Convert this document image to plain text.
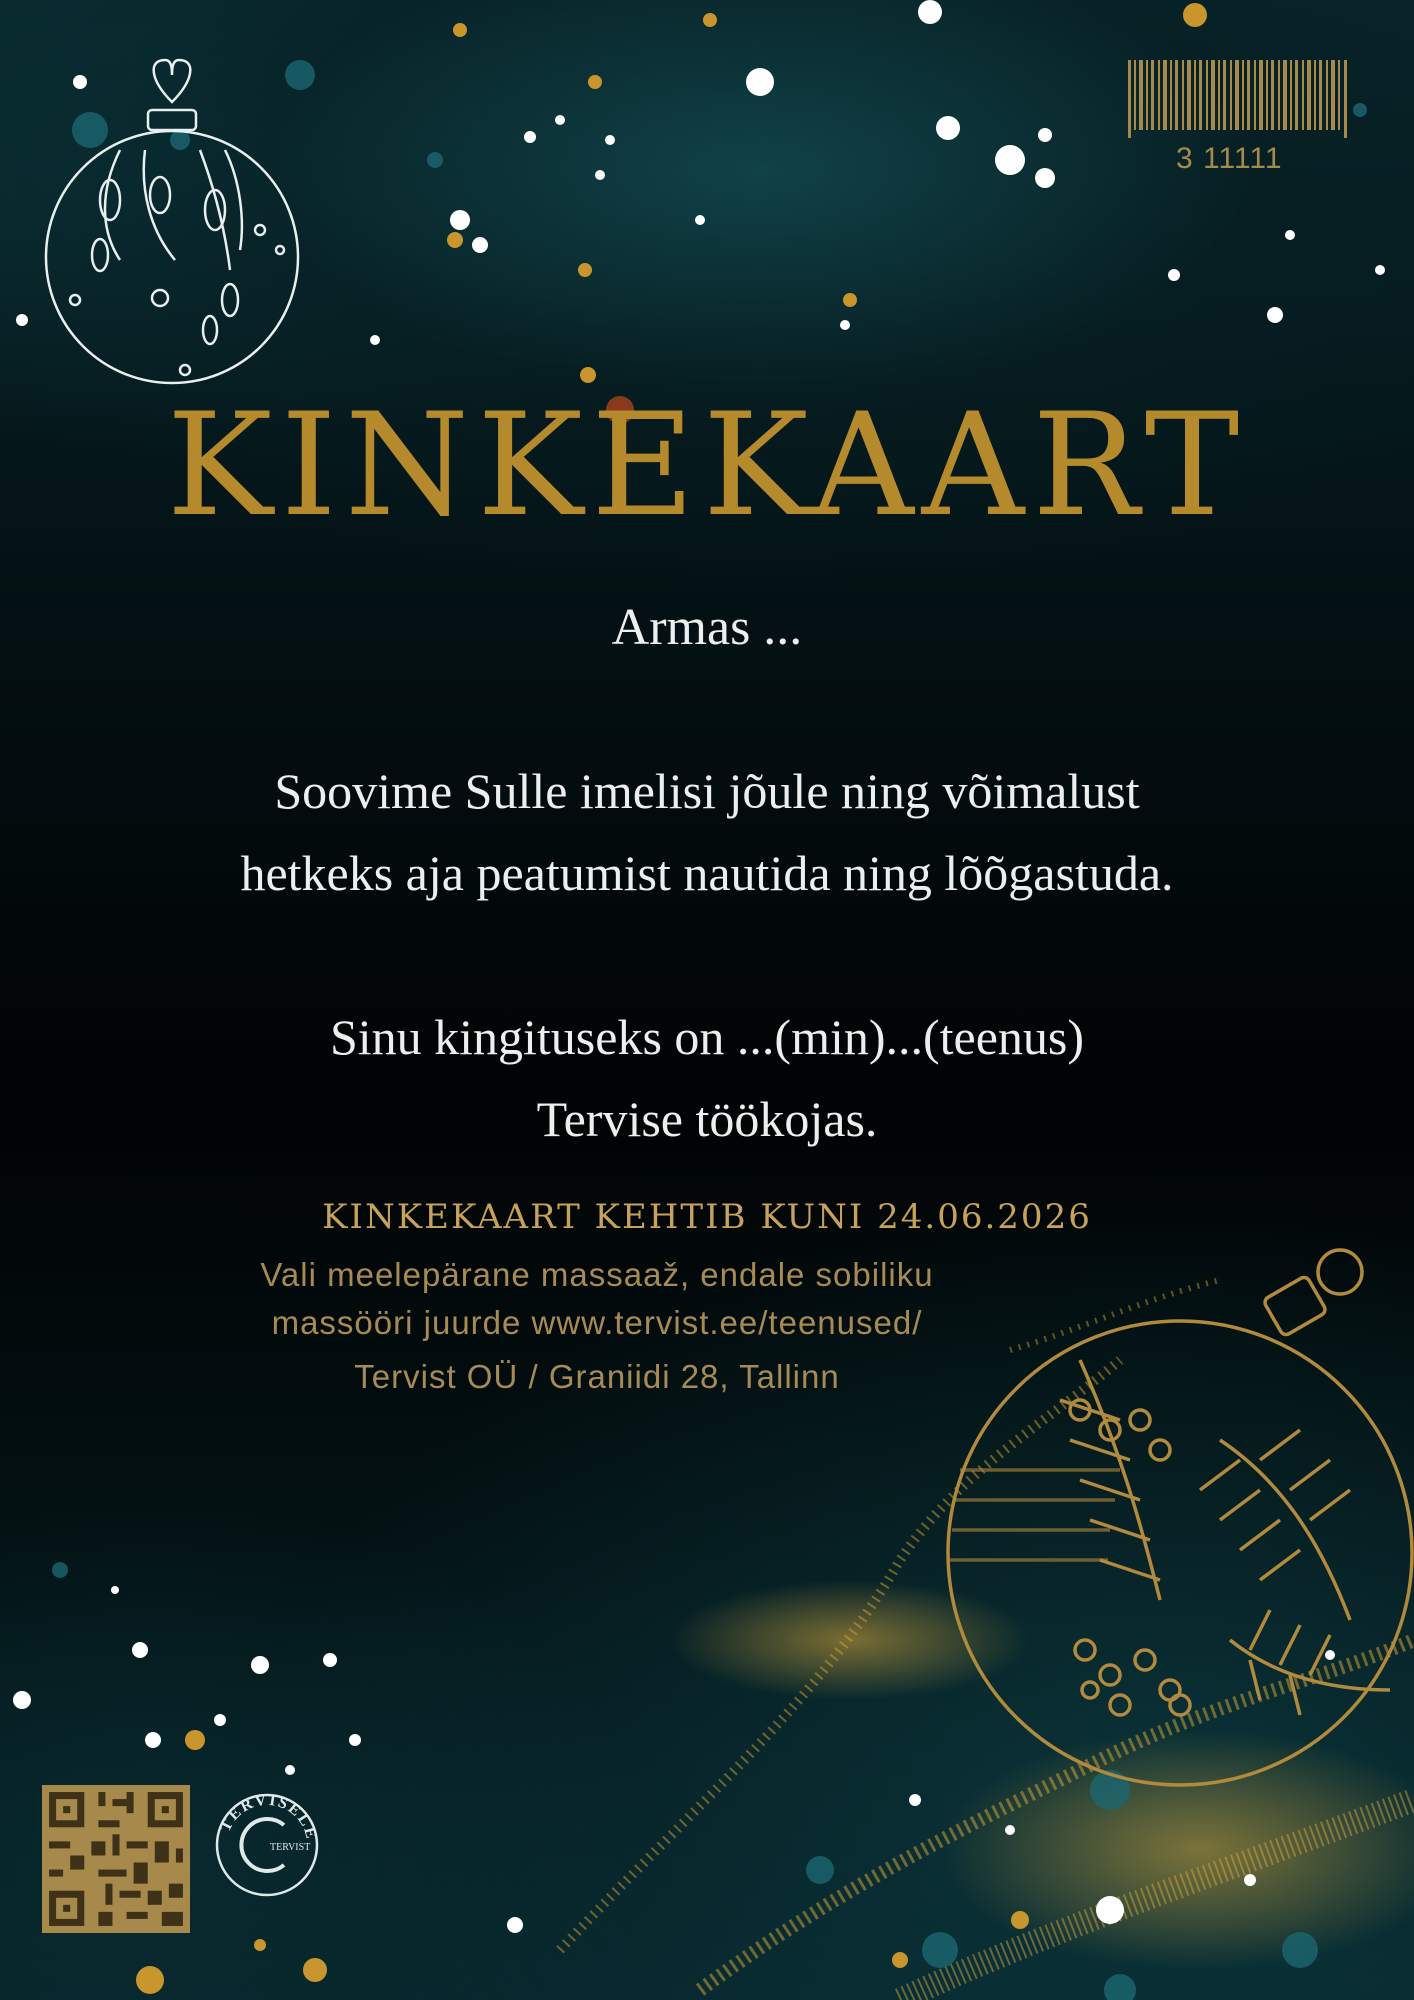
3 11111
KINKEKAART
Armas ...
Soovime Sulle imelisi jõule ning võimalust
hetkeks aja peatumist nautida ning lõõgastuda.
Sinu kingituseks on ...(min)...(teenus)
Tervise töökojas.
KINKEKAART KEHTIB KUNI 24.06.2026
Vali meelepärane massaaž, endale sobiliku
massööri juurde www.tervist.ee/teenused/
Tervist OÜ / Graniidi 28, Tallinn
TERVISELE
TERVIST
